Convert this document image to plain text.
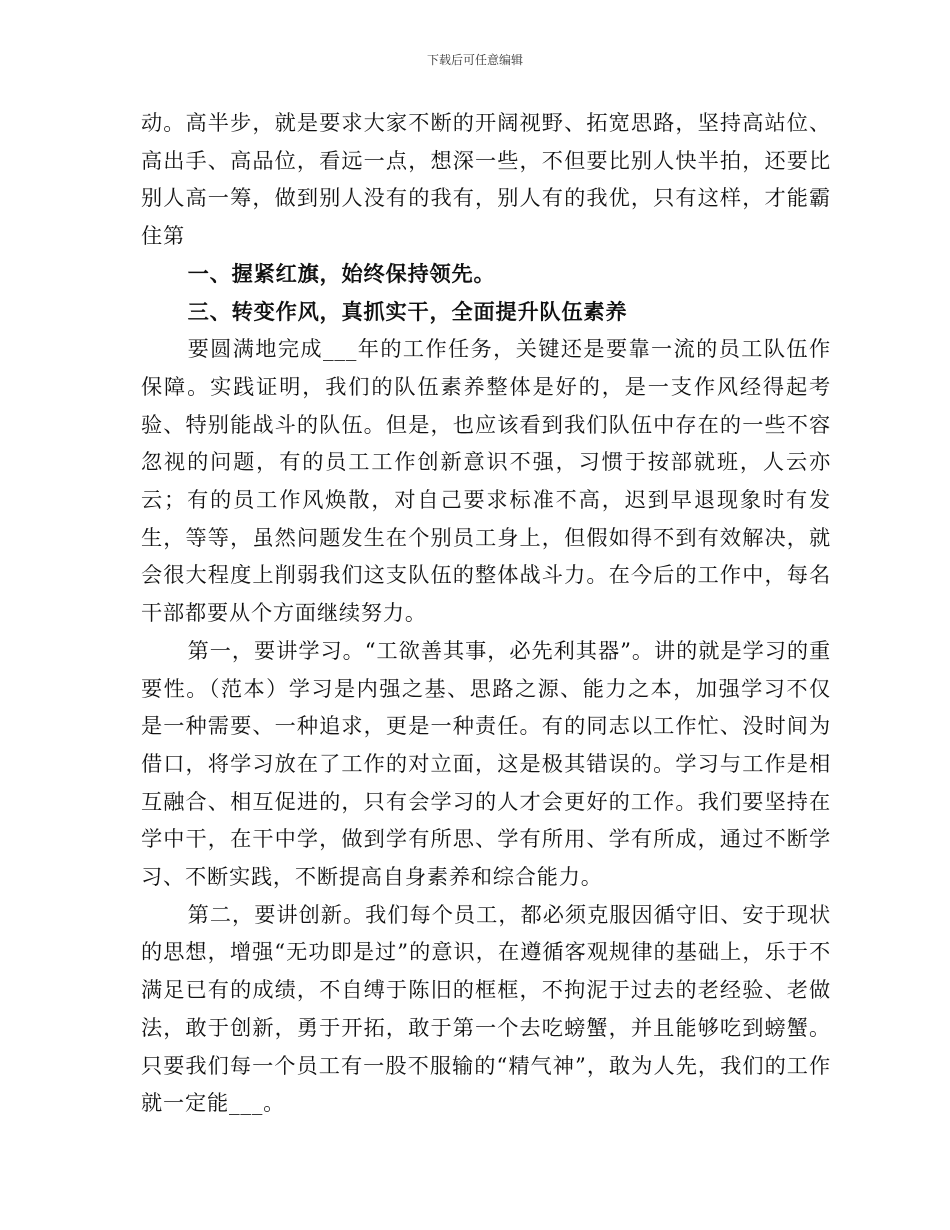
下载后可任意编辑

动。高半步，就是要求大家不断的开阔视野、拓宽思路，坚持高站位、高出手、高品位，看远一点，想深一些，不但要比别人快半拍，还要比别人高一筹，做到别人没有的我有，别人有的我优，只有这样，才能霸住第

一、握紧红旗，始终保持领先。

三、转变作风，真抓实干，全面提升队伍素养

要圆满地完成___年的工作任务，关键还是要靠一流的员工队伍作保障。实践证明，我们的队伍素养整体是好的，是一支作风经得起考验、特别能战斗的队伍。但是，也应该看到我们队伍中存在的一些不容忽视的问题，有的员工工作创新意识不强，习惯于按部就班，人云亦云；有的员工作风焕散，对自己要求标准不高，迟到早退现象时有发生，等等，虽然问题发生在个别员工身上，但假如得不到有效解决，就会很大程度上削弱我们这支队伍的整体战斗力。在今后的工作中，每名干部都要从个方面继续努力。

第一，要讲学习。“工欲善其事，必先利其器”。讲的就是学习的重要性。（范本）学习是内强之基、思路之源、能力之本，加强学习不仅是一种需要、一种追求，更是一种责任。有的同志以工作忙、没时间为借口，将学习放在了工作的对立面，这是极其错误的。学习与工作是相互融合、相互促进的，只有会学习的人才会更好的工作。我们要坚持在学中干，在干中学，做到学有所思、学有所用、学有所成，通过不断学习、不断实践，不断提高自身素养和综合能力。

第二，要讲创新。我们每个员工，都必须克服因循守旧、安于现状的思想，增强“无功即是过”的意识，在遵循客观规律的基础上，乐于不满足已有的成绩，不自缚于陈旧的框框，不拘泥于过去的老经验、老做法，敢于创新，勇于开拓，敢于第一个去吃螃蟹，并且能够吃到螃蟹。只要我们每一个员工有一股不服输的“精气神”，敢为人先，我们的工作就一定能___。
